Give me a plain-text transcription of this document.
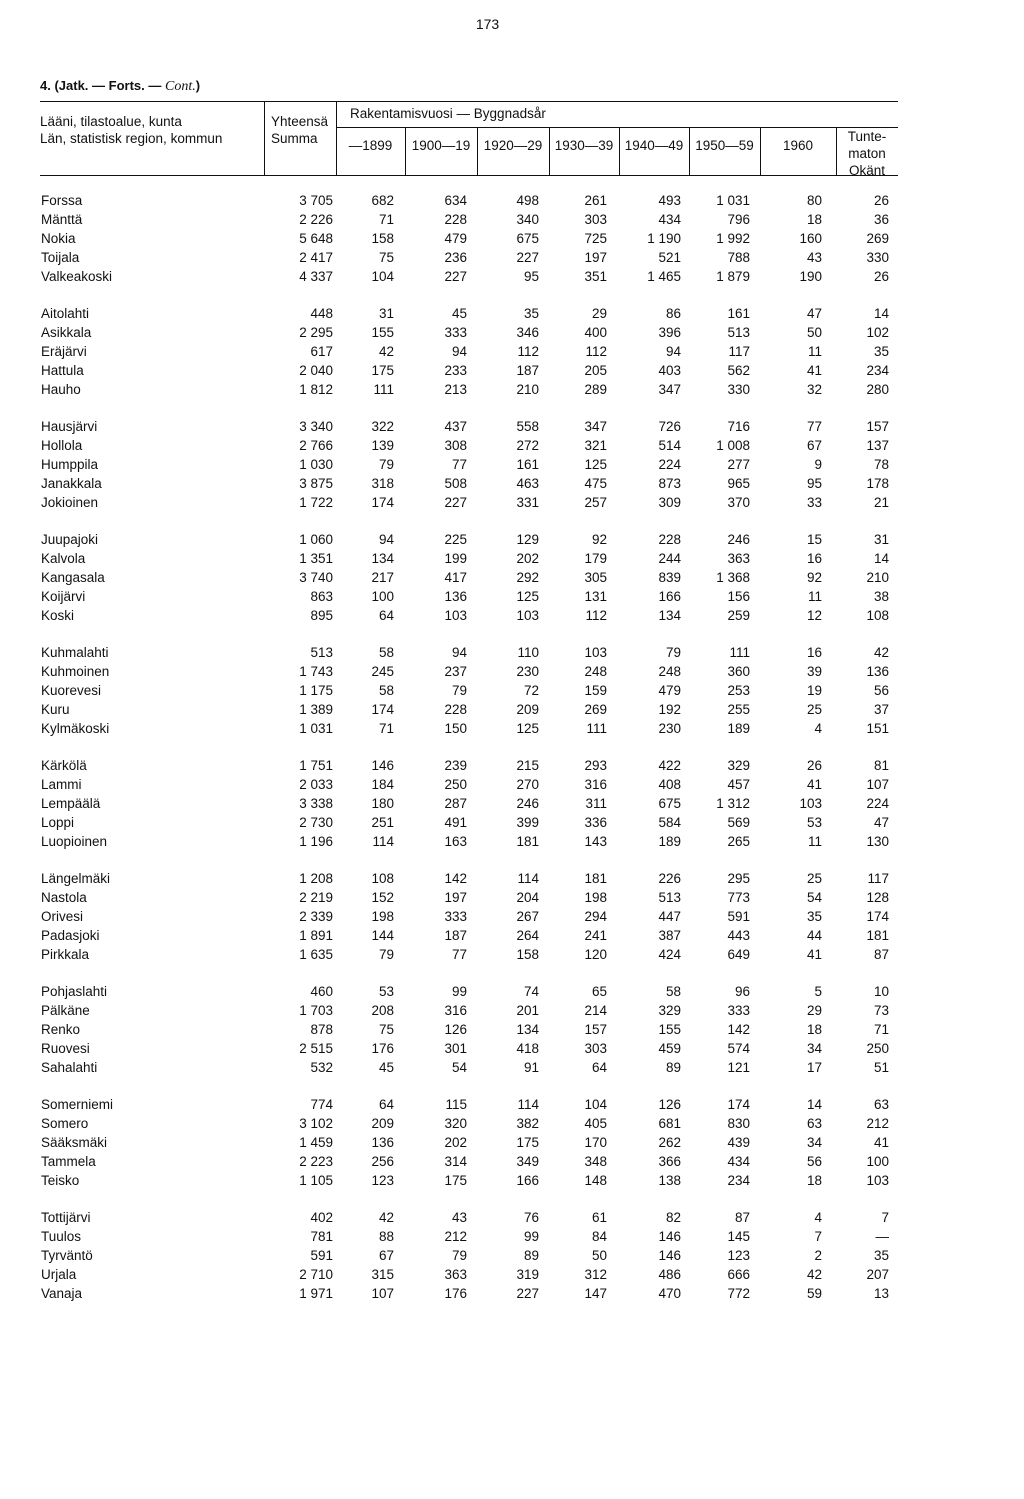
173
4. (Jatk. — Forts. — Cont.)
Lääni, tilastoalue, kunta
Län, statistisk region, kommun
Yhteensä
Summa
Rakentamisvuosi — Byggnadsår
—1899	1900—19 1920—29 1930—39 1940—49 1950—59	1960
Tunte-
maton
Okänt
Forssa	3 705	682	634	498	261	493	1 031	80	26
Mänttä	2 226	71	228	340	303	434	796	18	36
Nokia	5 648	158	479	675	725	1 190	1 992	160	269
Toijala	2 417	75	236	227	197	521	788	43	330
Valkeakoski	4 337	104	227	95	351	1 465	1 879	190	26
Aitolahti	448	31	45	35	29	86	161	47	14
Asikkala	2 295	155	333	346	400	396	513	50	102
Eräjärvi	617	42	94	112	112	94	117	11	35
Hattula	2 040	175	233	187	205	403	562	41	234
Hauho	1 812	111	213	210	289	347	330	32	280
Hausjärvi	3 340	322	437	558	347	726	716	77	157
Hollola	2 766	139	308	272	321	514	1 008	67	137
Humppila	1 030	79	77	161	125	224	277	9	78
Janakkala	3 875	318	508	463	475	873	965	95	178
Jokioinen	1 722	174	227	331	257	309	370	33	21
Juupajoki	1 060	94	225	129	92	228	246	15	31
Kalvola	1 351	134	199	202	179	244	363	16	14
Kangasala	3 740	217	417	292	305	839	1 368	92	210
Koijärvi	863	100	136	125	131	166	156	11	38
Koski	895	64	103	103	112	134	259	12	108
Kuhmalahti	513	58	94	110	103	79	111	16	42
Kuhmoinen	1 743	245	237	230	248	248	360	39	136
Kuorevesi	1 175	58	79	72	159	479	253	19	56
Kuru	1 389	174	228	209	269	192	255	25	37
Kylmäkoski	1 031	71	150	125	111	230	189	4	151
Kärkölä	1 751	146	239	215	293	422	329	26	81
Lammi	2 033	184	250	270	316	408	457	41	107
Lempäälä	3 338	180	287	246	311	675	1 312	103	224
Loppi	2 730	251	491	399	336	584	569	53	47
Luopioinen	1 196	114	163	181	143	189	265	11	130
Längelmäki	1 208	108	142	114	181	226	295	25	117
Nastola	2 219	152	197	204	198	513	773	54	128
Orivesi	2 339	198	333	267	294	447	591	35	174
Padasjoki	1 891	144	187	264	241	387	443	44	181
Pirkkala	1 635	79	77	158	120	424	649	41	87
Pohjaslahti	460	53	99	74	65	58	96	5	10
Pälkäne	1 703	208	316	201	214	329	333	29	73
Renko	878	75	126	134	157	155	142	18	71
Ruovesi	2 515	176	301	418	303	459	574	34	250
Sahalahti	532	45	54	91	64	89	121	17	51
Somerniemi	774	64	115	114	104	126	174	14	63
Somero	3 102	209	320	382	405	681	830	63	212
Sääksmäki	1 459	136	202	175	170	262	439	34	41
Tammela	2 223	256	314	349	348	366	434	56	100
Teisko	1 105	123	175	166	148	138	234	18	103
Tottijärvi	402	42	43	76	61	82	87	4	7
Tuulos	781	88	212	99	84	146	145	7	—
Tyrväntö	591	67	79	89	50	146	123	2	35
Urjala	2 710	315	363	319	312	486	666	42	207
Vanaja	1 971	107	176	227	147	470	772	59	13
